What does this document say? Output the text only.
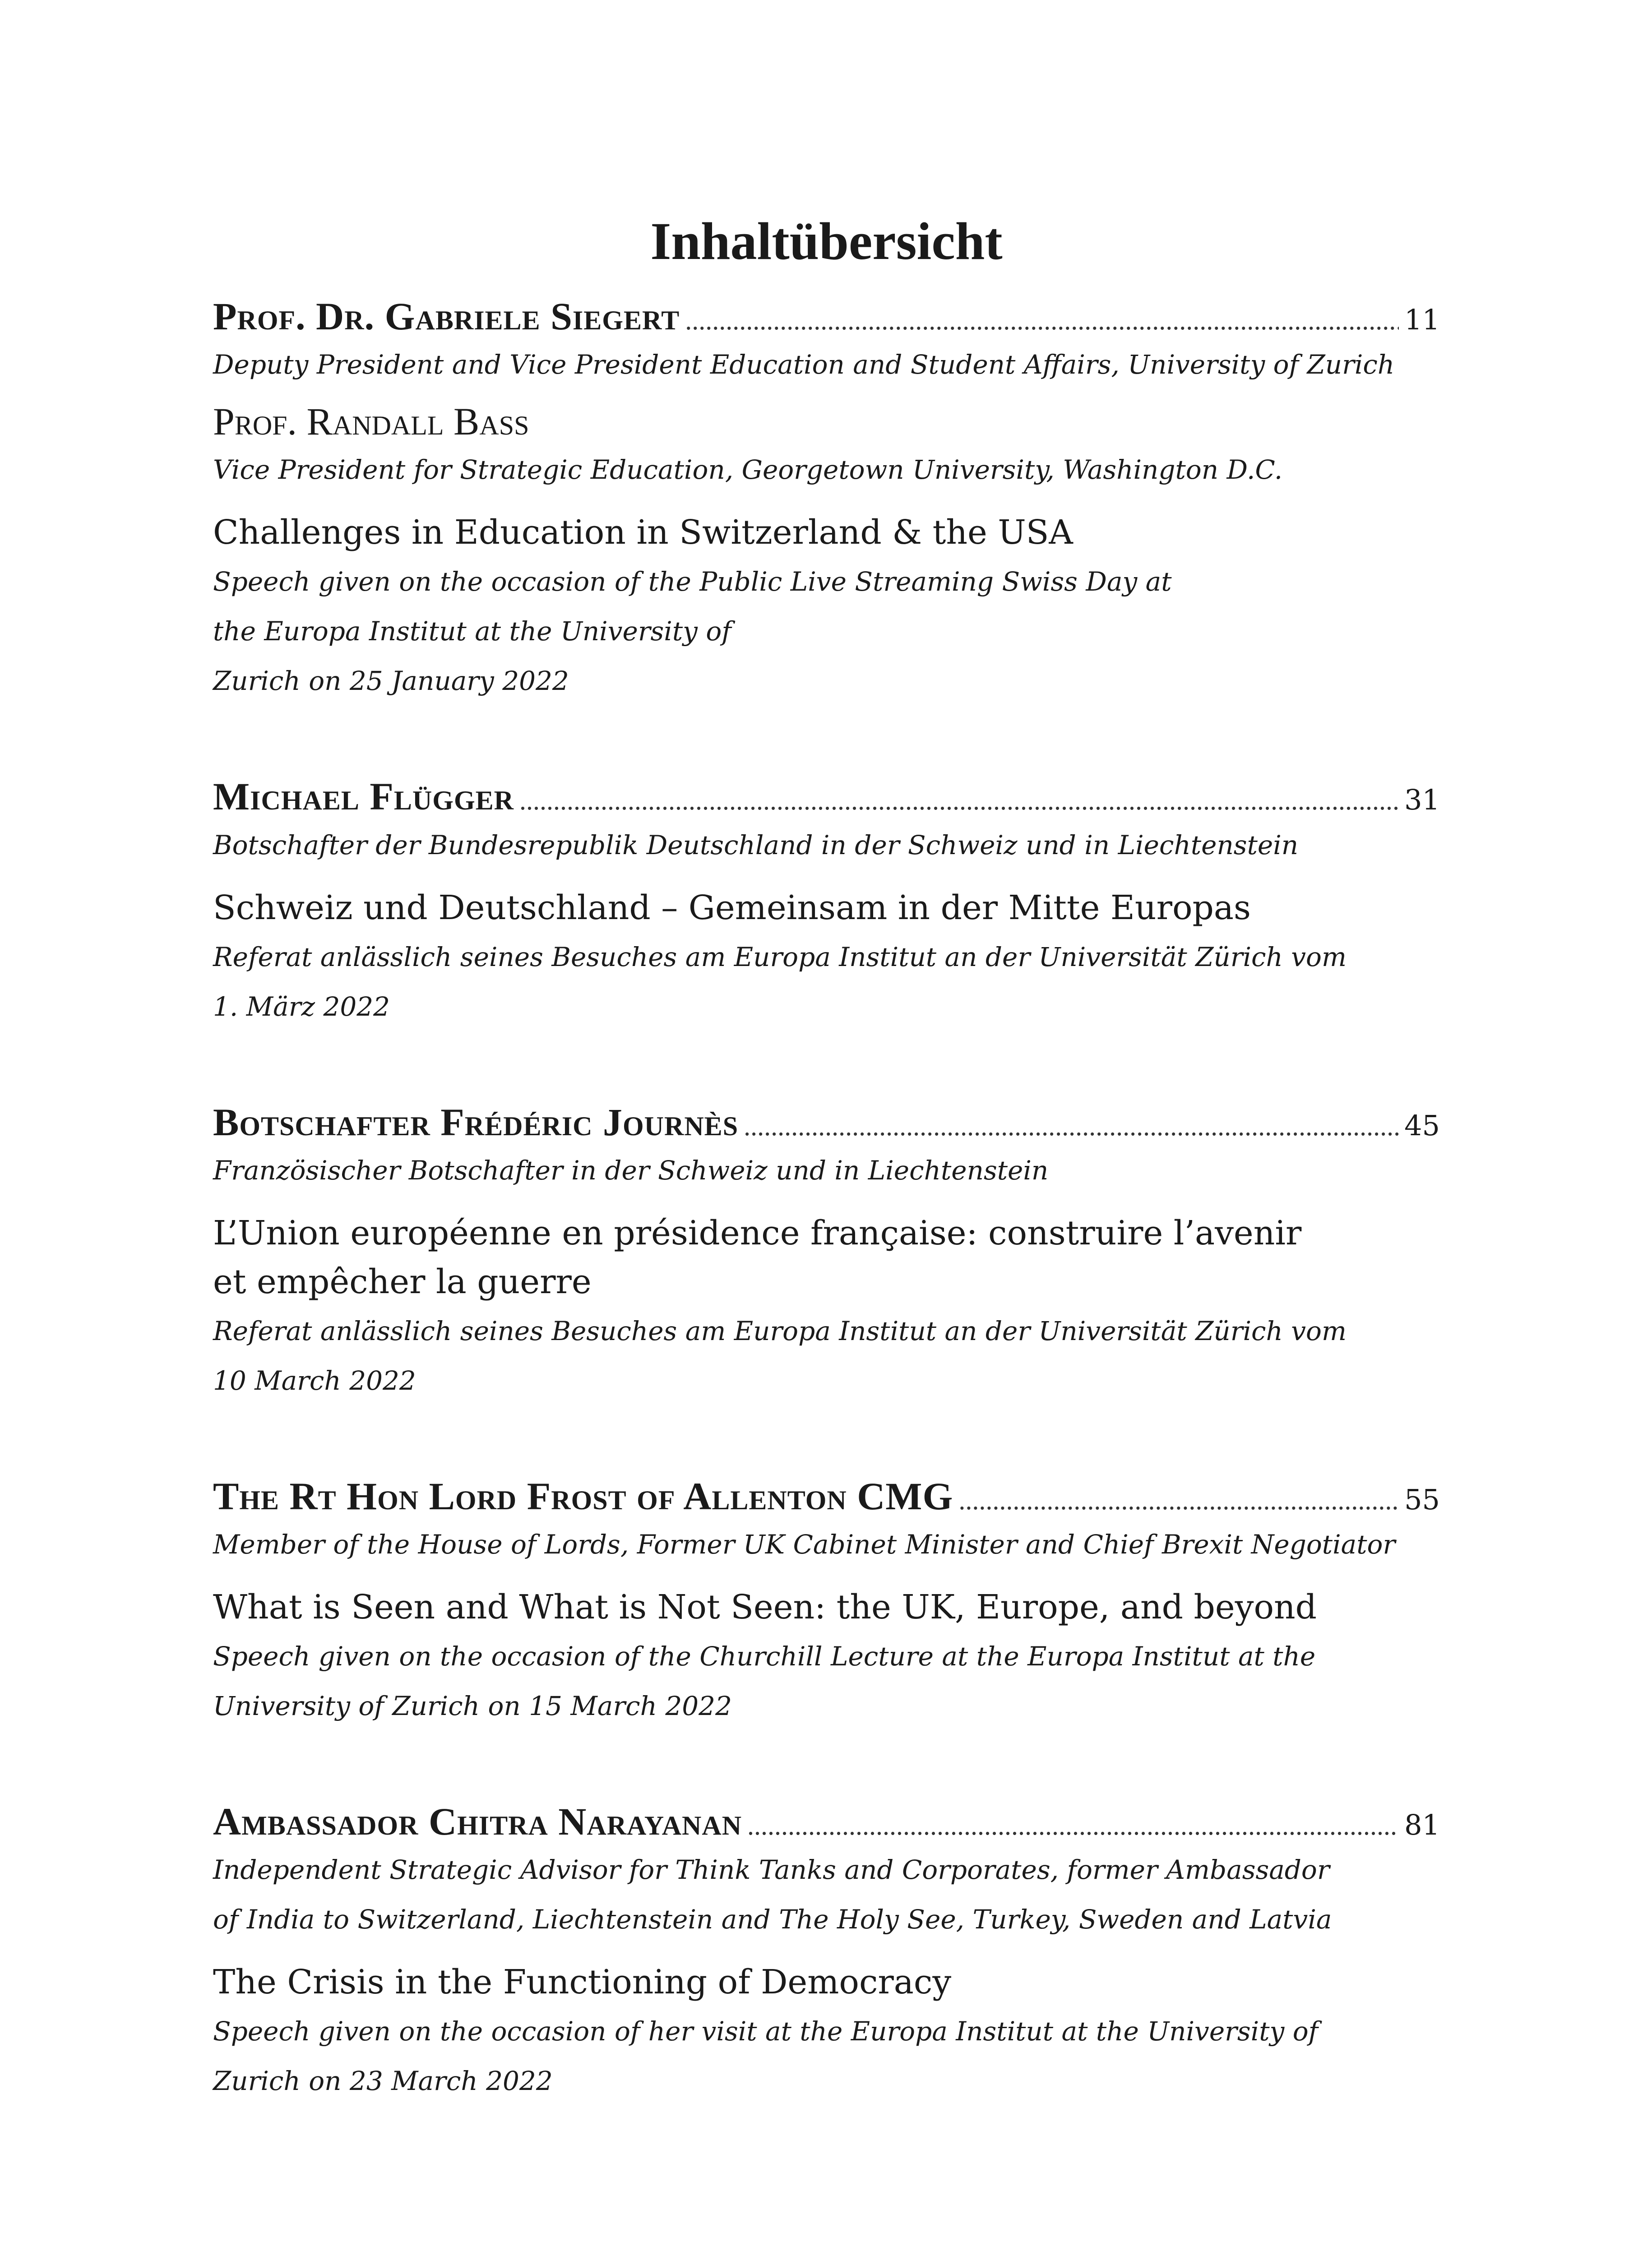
Inhaltübersicht
Prof. Dr. Gabriele Siegert .....	11

Deputy President and Vice President Education and Student Affairs, University of Zurich

Prof. Randall Bass

Vice President for Strategic Education, Georgetown University, Washington D.C.

Challenges in Education in Switzerland & the USA
Speech given on the occasion of the Public Live Streaming Swiss Day at
the Europa Institut at the University of
Zurich on 25 January 2022
Michael Flügger .....	31

Botschafter der Bundesrepublik Deutschland in der Schweiz und in Liechtenstein

Schweiz und Deutschland – Gemeinsam in der Mitte Europas
Referat anlässlich seines Besuches am Europa Institut an der Universität Zürich vom
1. März 2022
Botschafter Frédéric Journès .....	45

Französischer Botschafter in der Schweiz und in Liechtenstein

L’Union européenne en présidence française: construire l’avenir
et empêcher la guerre
Referat anlässlich seines Besuches am Europa Institut an der Universität Zürich vom
10 March 2022
The Rt Hon Lord Frost of Allenton CMG .....	55

Member of the House of Lords, Former UK Cabinet Minister and Chief Brexit Negotiator

What is Seen and What is Not Seen: the UK, Europe, and beyond
Speech given on the occasion of the Churchill Lecture at the Europa Institut at the
University of Zurich on 15 March 2022
Ambassador Chitra Narayanan .....	81

Independent Strategic Advisor for Think Tanks and Corporates, former Ambassador
of India to Switzerland, Liechtenstein and The Holy See, Turkey, Sweden and Latvia

The Crisis in the Functioning of Democracy
Speech given on the occasion of her visit at the Europa Institut at the University of
Zurich on 23 March 2022
